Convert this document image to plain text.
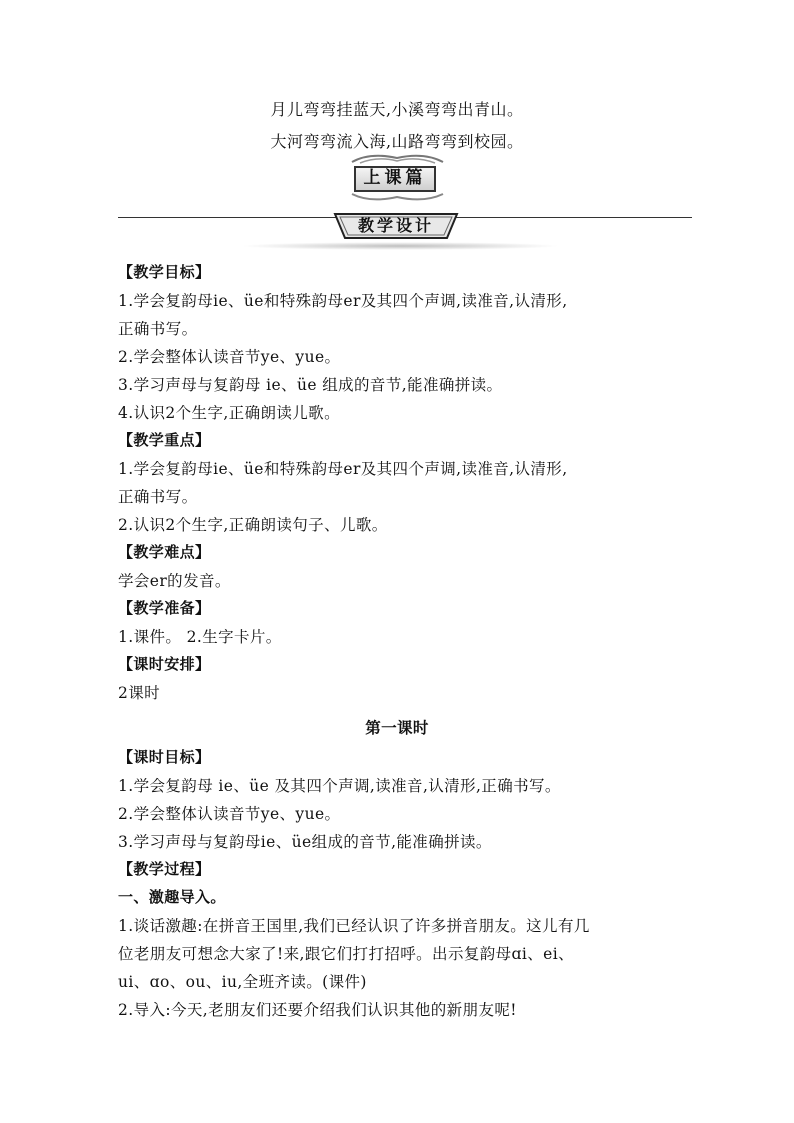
月儿弯弯挂蓝天,小溪弯弯出青山。
大河弯弯流入海,山路弯弯到校园。
上课篇
教学设计
【教学目标】
1.学会复韵母ie、üe和特殊韵母er及其四个声调,读准音,认清形,
正确书写。
2.学会整体认读音节ye、yue。
3.学习声母与复韵母 ie、üe 组成的音节,能准确拼读。
4.认识2个生字,正确朗读儿歌。
【教学重点】
1.学会复韵母ie、üe和特殊韵母er及其四个声调,读准音,认清形,
正确书写。
2.认识2个生字,正确朗读句子、儿歌。
【教学难点】
学会er的发音。
【教学准备】
1.课件。 2.生字卡片。
【课时安排】
2课时
第一课时
【课时目标】
1.学会复韵母 ie、üe 及其四个声调,读准音,认清形,正确书写。
2.学会整体认读音节ye、yue。
3.学习声母与复韵母ie、üe组成的音节,能准确拼读。
【教学过程】
一、激趣导入。
1.谈话激趣:在拼音王国里,我们已经认识了许多拼音朋友。这儿有几
位老朋友可想念大家了!来,跟它们打打招呼。出示复韵母ɑi、ei、
ui、ɑo、ou、iu,全班齐读。(课件)
2.导入:今天,老朋友们还要介绍我们认识其他的新朋友呢!
